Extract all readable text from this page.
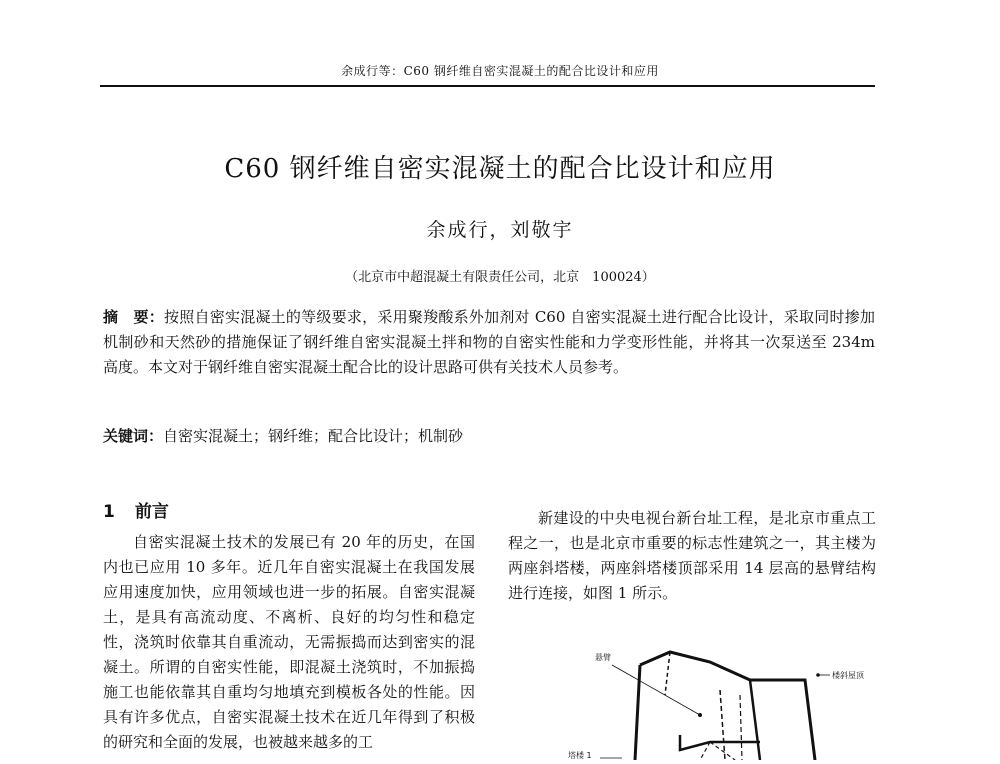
余成行等：C60 钢纤维自密实混凝土的配合比设计和应用
C60 钢纤维自密实混凝土的配合比设计和应用
余成行，刘敬宇
（北京市中超混凝土有限责任公司，北京　100024）
摘　要：按照自密实混凝土的等级要求，采用聚羧酸系外加剂对 C60 自密实混凝土进行配合比设计，采取同时掺加机制砂和天然砂的措施保证了钢纤维自密实混凝土拌和物的自密实性能和力学变形性能，并将其一次泵送至 234m 高度。本文对于钢纤维自密实混凝土配合比的设计思路可供有关技术人员参考。
关键词：自密实混凝土；钢纤维；配合比设计；机制砂
1 前言

自密实混凝土技术的发展已有 20 年的历史，在国内也已应用 10 多年。近几年自密实混凝土在我国发展应用速度加快，应用领域也进一步的拓展。自密实混凝土，是具有高流动度、不离析、良好的均匀性和稳定性，浇筑时依靠其自重流动，无需振捣而达到密实的混凝土。所谓的自密实性能，即混凝土浇筑时，不加振捣施工也能依靠其自重均匀地填充到模板各处的性能。因具有许多优点，自密实混凝土技术在近几年得到了积极的研究和全面的发展，也被越来越多的工

新建设的中央电视台新台址工程，是北京市重点工程之一，也是北京市重要的标志性建筑之一，其主楼为两座斜塔楼，两座斜塔楼顶部采用 14 层高的悬臂结构进行连接，如图 1 所示。

悬臂
楼斜屋顶
塔楼 1
